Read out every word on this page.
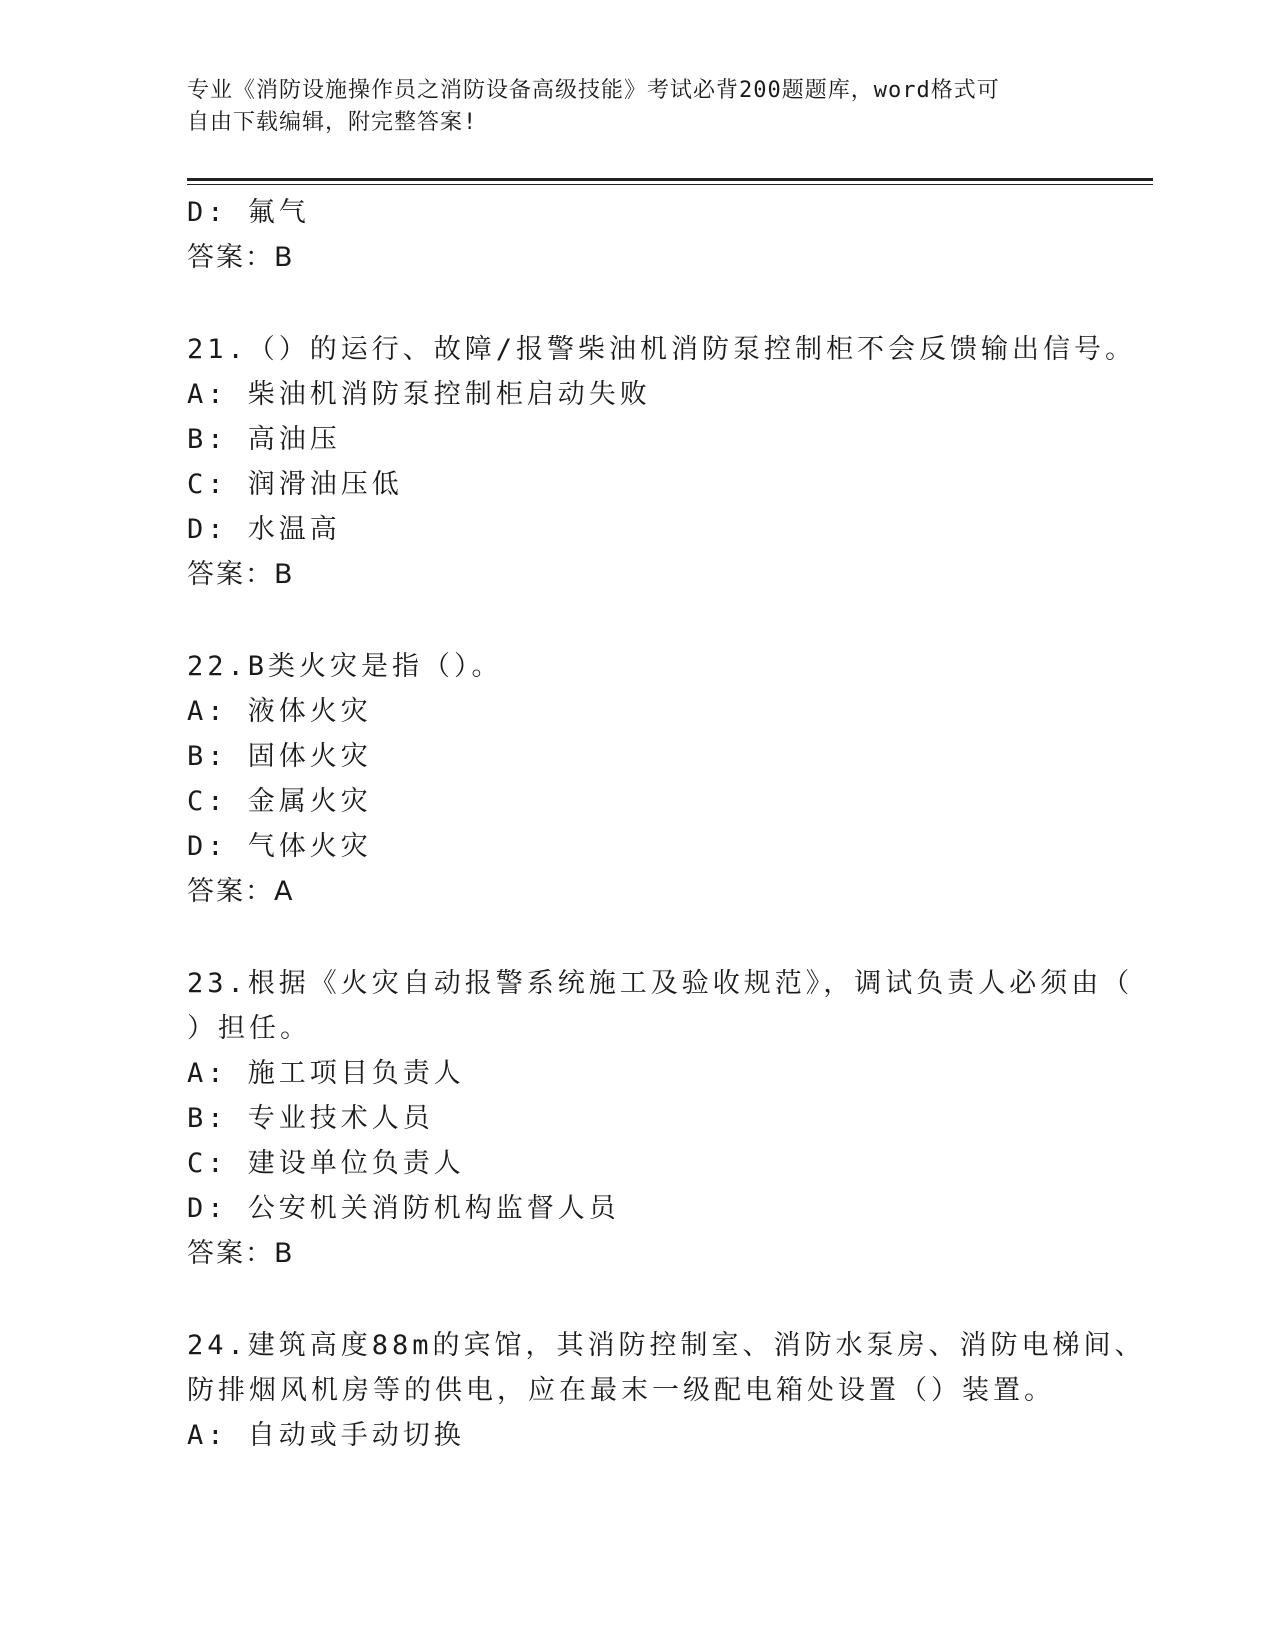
专业《消防设施操作员之消防设备高级技能》考试必背200题题库，word格式可
自由下载编辑，附完整答案!
D: 氟气
答案：B
21.（）的运行、故障/报警柴油机消防泵控制柜不会反馈输出信号。
A: 柴油机消防泵控制柜启动失败
B: 高油压
C: 润滑油压低
D: 水温高
答案：B
22.B类火灾是指（）。
A: 液体火灾
B: 固体火灾
C: 金属火灾
D: 气体火灾
答案：A
23.根据《火灾自动报警系统施工及验收规范》，调试负责人必须由（
）担任。
A: 施工项目负责人
B: 专业技术人员
C: 建设单位负责人
D: 公安机关消防机构监督人员
答案：B
24.建筑高度88m的宾馆，其消防控制室、消防水泵房、消防电梯间、
防排烟风机房等的供电，应在最末一级配电箱处设置（）装置。
A: 自动或手动切换
